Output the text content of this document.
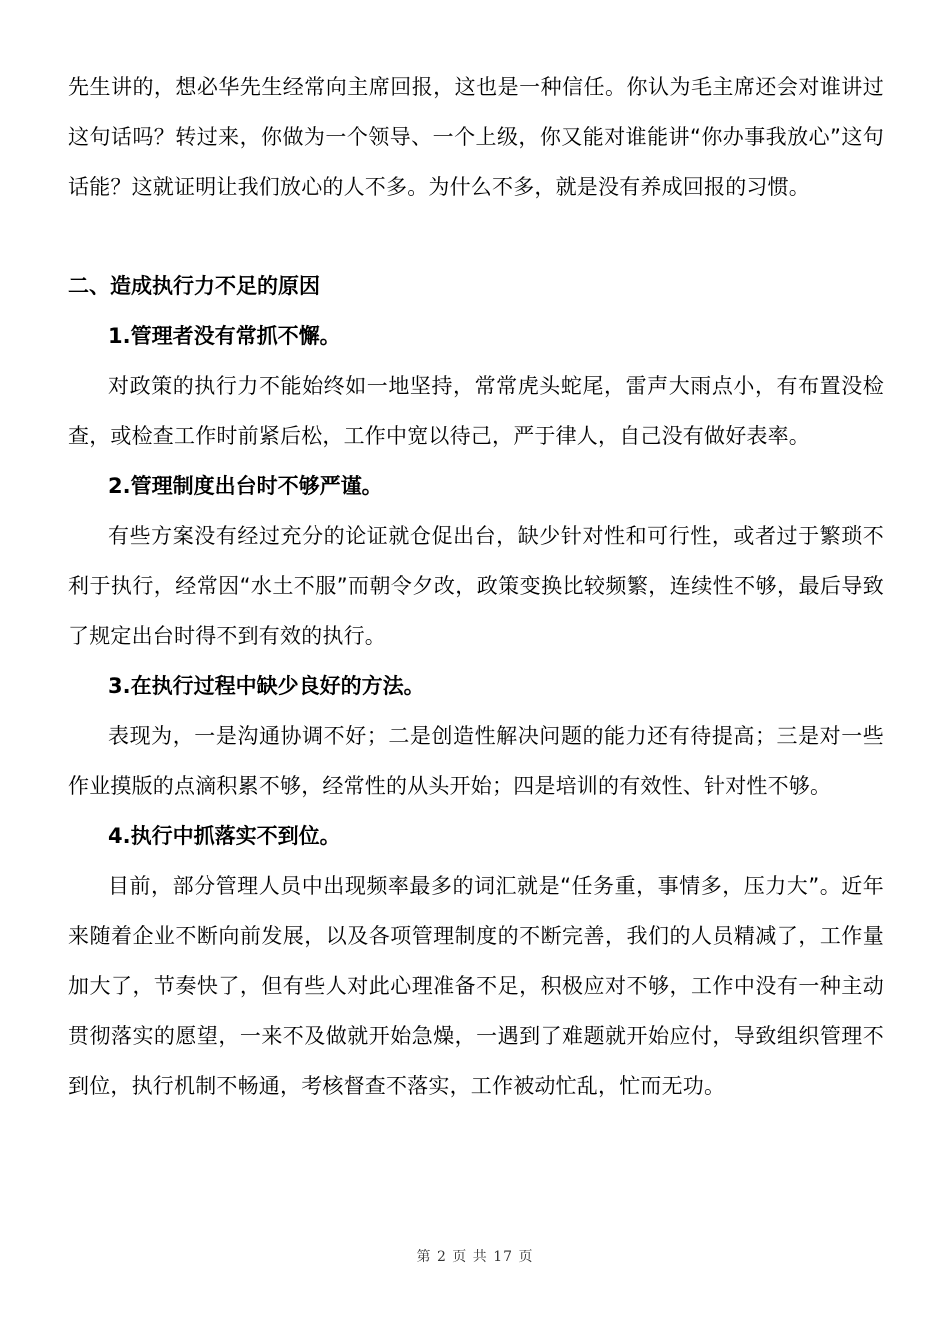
先生讲的，想必华先生经常向主席回报，这也是一种信任。你认为毛主席还会对谁讲过这句话吗？转过来，你做为一个领导、一个上级，你又能对谁能讲“你办事我放心”这句话能？这就证明让我们放心的人不多。为什么不多，就是没有养成回报的习惯。

二、造成执行力不足的原因

1.管理者没有常抓不懈。

对政策的执行力不能始终如一地坚持，常常虎头蛇尾，雷声大雨点小，有布置没检查，或检查工作时前紧后松，工作中宽以待己，严于律人，自己没有做好表率。

2.管理制度出台时不够严谨。

有些方案没有经过充分的论证就仓促出台，缺少针对性和可行性，或者过于繁琐不利于执行，经常因“水土不服”而朝令夕改，政策变换比较频繁，连续性不够，最后导致了规定出台时得不到有效的执行。

3.在执行过程中缺少良好的方法。

表现为，一是沟通协调不好；二是创造性解决问题的能力还有待提高；三是对一些作业摸版的点滴积累不够，经常性的从头开始；四是培训的有效性、针对性不够。

4.执行中抓落实不到位。

目前，部分管理人员中出现频率最多的词汇就是“任务重，事情多，压力大”。近年来随着企业不断向前发展，以及各项管理制度的不断完善，我们的人员精减了，工作量加大了，节奏快了，但有些人对此心理准备不足，积极应对不够，工作中没有一种主动贯彻落实的愿望，一来不及做就开始急燥，一遇到了难题就开始应付，导致组织管理不到位，执行机制不畅通，考核督查不落实，工作被动忙乱，忙而无功。

第 2 页 共 17 页
